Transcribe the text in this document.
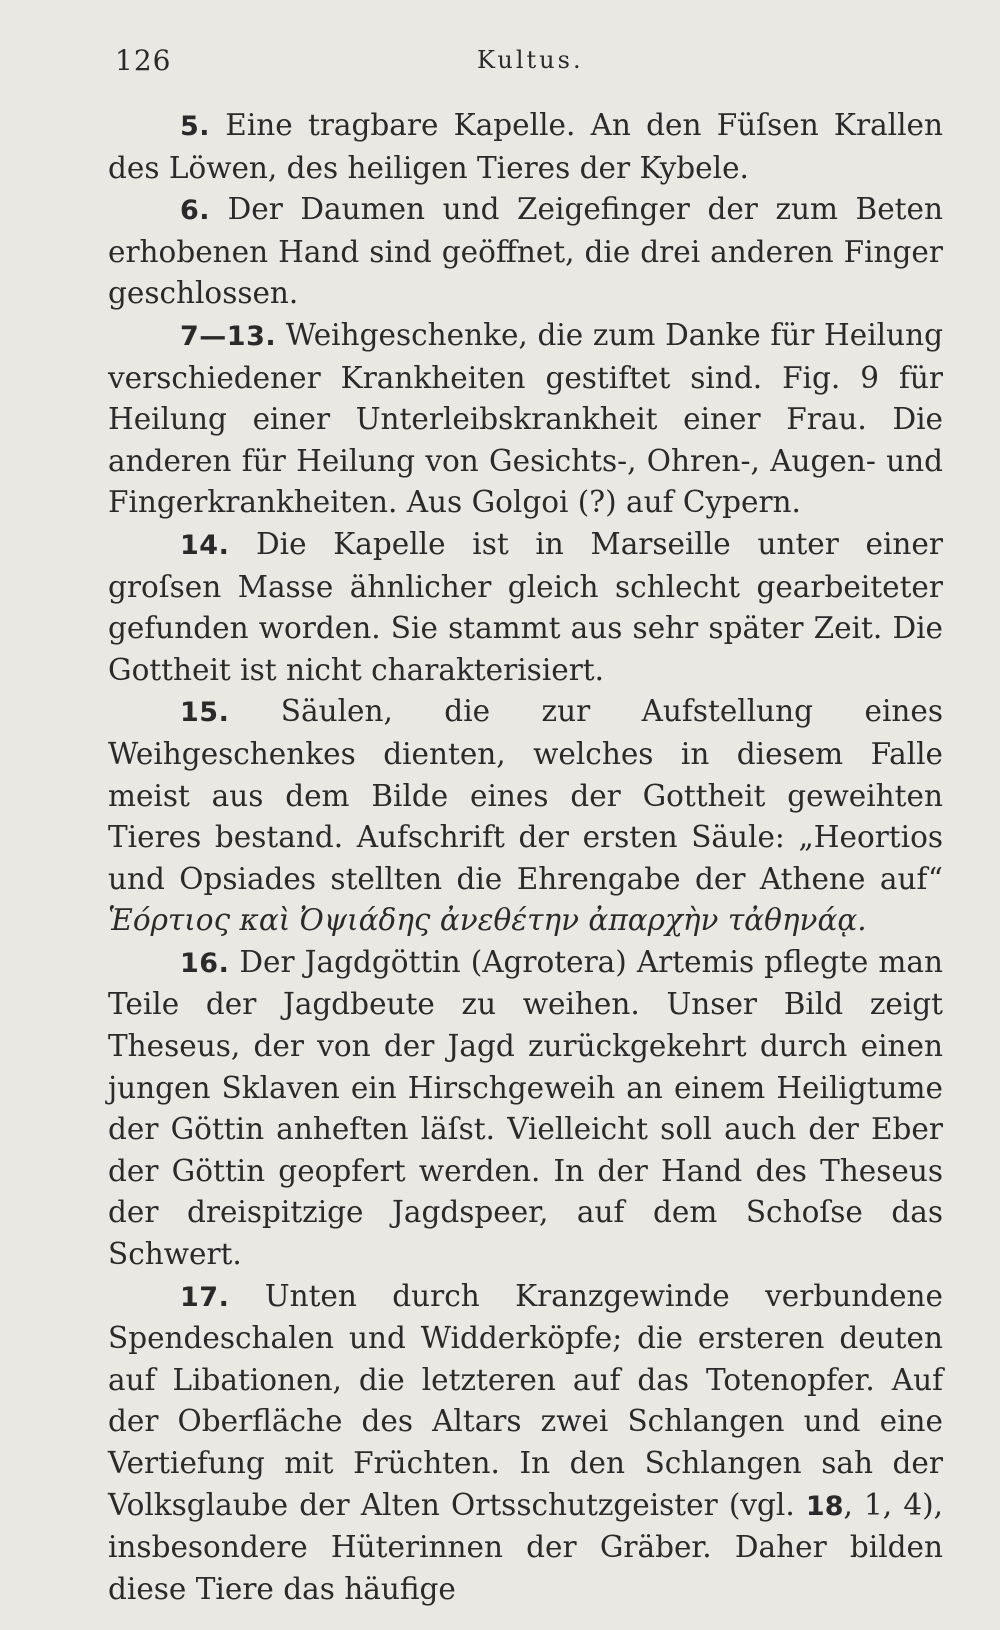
126	Kultus.

5. Eine tragbare Kapelle. An den Füſsen Krallen des Löwen, des heiligen Tieres der Kybele.

6. Der Daumen und Zeigefinger der zum Beten erhobenen Hand sind geöffnet, die drei anderen Finger geschlossen.

7—13. Weihgeschenke, die zum Danke für Heilung verschiedener Krankheiten gestiftet sind. Fig. 9 für Heilung einer Unterleibskrankheit einer Frau. Die anderen für Heilung von Gesichts-, Ohren-, Augen- und Fingerkrankheiten. Aus Golgoi (?) auf Cypern.

14. Die Kapelle ist in Marseille unter einer groſsen Masse ähnlicher gleich schlecht gearbeiteter gefunden worden. Sie stammt aus sehr später Zeit. Die Gottheit ist nicht charakterisiert.

15. Säulen, die zur Aufstellung eines Weihgeschenkes dienten, welches in diesem Falle meist aus dem Bilde eines der Gottheit geweihten Tieres bestand. Aufschrift der ersten Säule: „Heortios und Opsiades stellten die Ehrengabe der Athene auf“ Ἑόρτιος καὶ Ὀψιάδης ἀνεθέτην ἀπαρχὴν τἀθηνάᾳ.

16. Der Jagdgöttin (Agrotera) Artemis pflegte man Teile der Jagdbeute zu weihen. Unser Bild zeigt Theseus, der von der Jagd zurückgekehrt durch einen jungen Sklaven ein Hirschgeweih an einem Heiligtume der Göttin anheften läſst. Vielleicht soll auch der Eber der Göttin geopfert werden. In der Hand des Theseus der dreispitzige Jagdspeer, auf dem Schoſse das Schwert.

17. Unten durch Kranzgewinde verbundene Spendeschalen und Widderköpfe; die ersteren deuten auf Libationen, die letzteren auf das Totenopfer. Auf der Oberfläche des Altars zwei Schlangen und eine Vertiefung mit Früchten. In den Schlangen sah der Volksglaube der Alten Ortsschutzgeister (vgl. 18, 1, 4), insbesondere Hüterinnen der Gräber. Daher bilden diese Tiere das häufige
